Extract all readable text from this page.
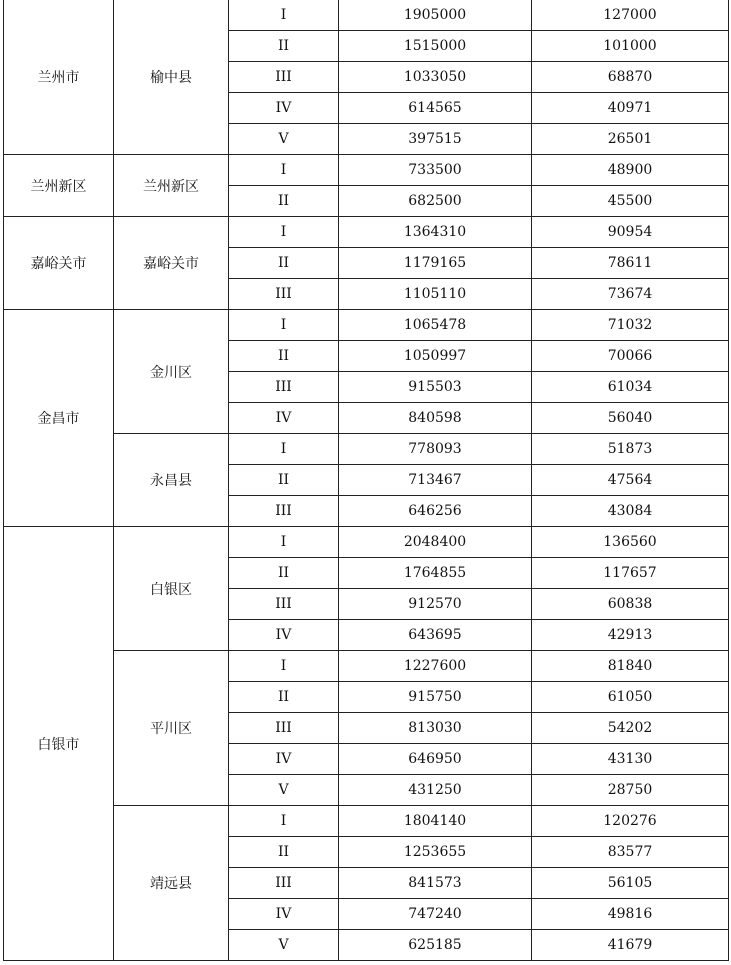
兰州市	榆中县	I	1905000	127000
		II	1515000	101000
		III	1033050	68870
		IV	614565	40971
		V	397515	26501
兰州新区	兰州新区	I	733500	48900
		II	682500	45500
嘉峪关市	嘉峪关市	I	1364310	90954
		II	1179165	78611
		III	1105110	73674
金昌市	金川区	I	1065478	71032
		II	1050997	70066
		III	915503	61034
		IV	840598	56040
	永昌县	I	778093	51873
		II	713467	47564
		III	646256	43084
白银市	白银区	I	2048400	136560
		II	1764855	117657
		III	912570	60838
		IV	643695	42913
	平川区	I	1227600	81840
		II	915750	61050
		III	813030	54202
		IV	646950	43130
		V	431250	28750
	靖远县	I	1804140	120276
		II	1253655	83577
		III	841573	56105
		IV	747240	49816
		V	625185	41679
